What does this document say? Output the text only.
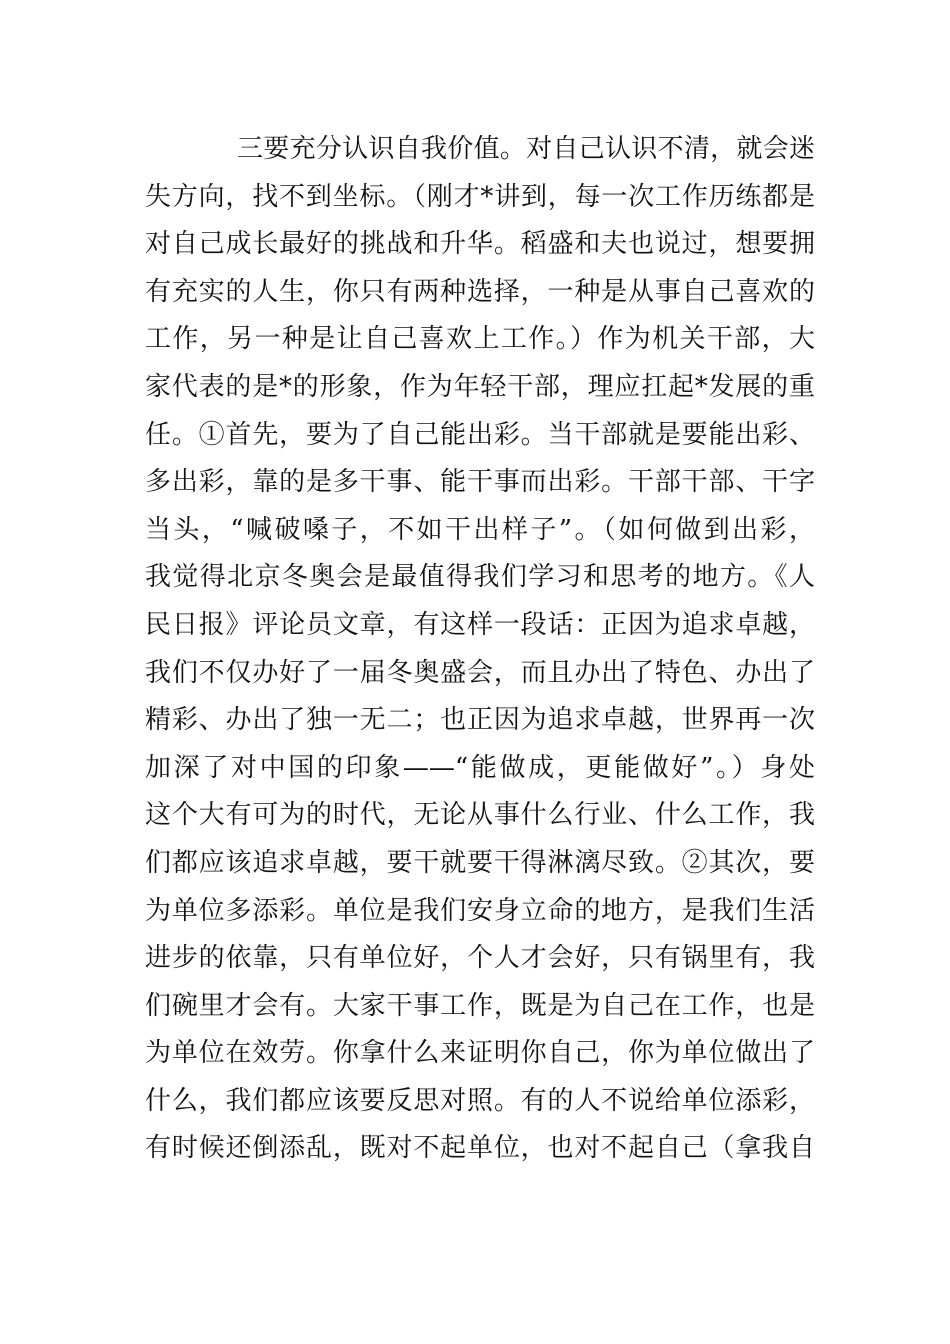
三要充分认识自我价值。对自己认识不清，就会迷
失方向，找不到坐标。（刚才*讲到，每一次工作历练都是
对自己成长最好的挑战和升华。稻盛和夫也说过，想要拥
有充实的人生，你只有两种选择，一种是从事自己喜欢的
工作，另一种是让自己喜欢上工作。）作为机关干部，大
家代表的是*的形象，作为年轻干部，理应扛起*发展的重
任。①首先，要为了自己能出彩。当干部就是要能出彩、
多出彩，靠的是多干事、能干事而出彩。干部干部、干字
当头，“喊破嗓子，不如干出样子”。（如何做到出彩，
我觉得北京冬奥会是最值得我们学习和思考的地方。《人
民日报》评论员文章，有这样一段话：正因为追求卓越，
我们不仅办好了一届冬奥盛会，而且办出了特色、办出了
精彩、办出了独一无二；也正因为追求卓越，世界再一次
加深了对中国的印象——“能做成，更能做好”。）身处
这个大有可为的时代，无论从事什么行业、什么工作，我
们都应该追求卓越，要干就要干得淋漓尽致。②其次，要
为单位多添彩。单位是我们安身立命的地方，是我们生活
进步的依靠，只有单位好，个人才会好，只有锅里有，我
们碗里才会有。大家干事工作，既是为自己在工作，也是
为单位在效劳。你拿什么来证明你自己，你为单位做出了
什么，我们都应该要反思对照。有的人不说给单位添彩，
有时候还倒添乱，既对不起单位，也对不起自己（拿我自
